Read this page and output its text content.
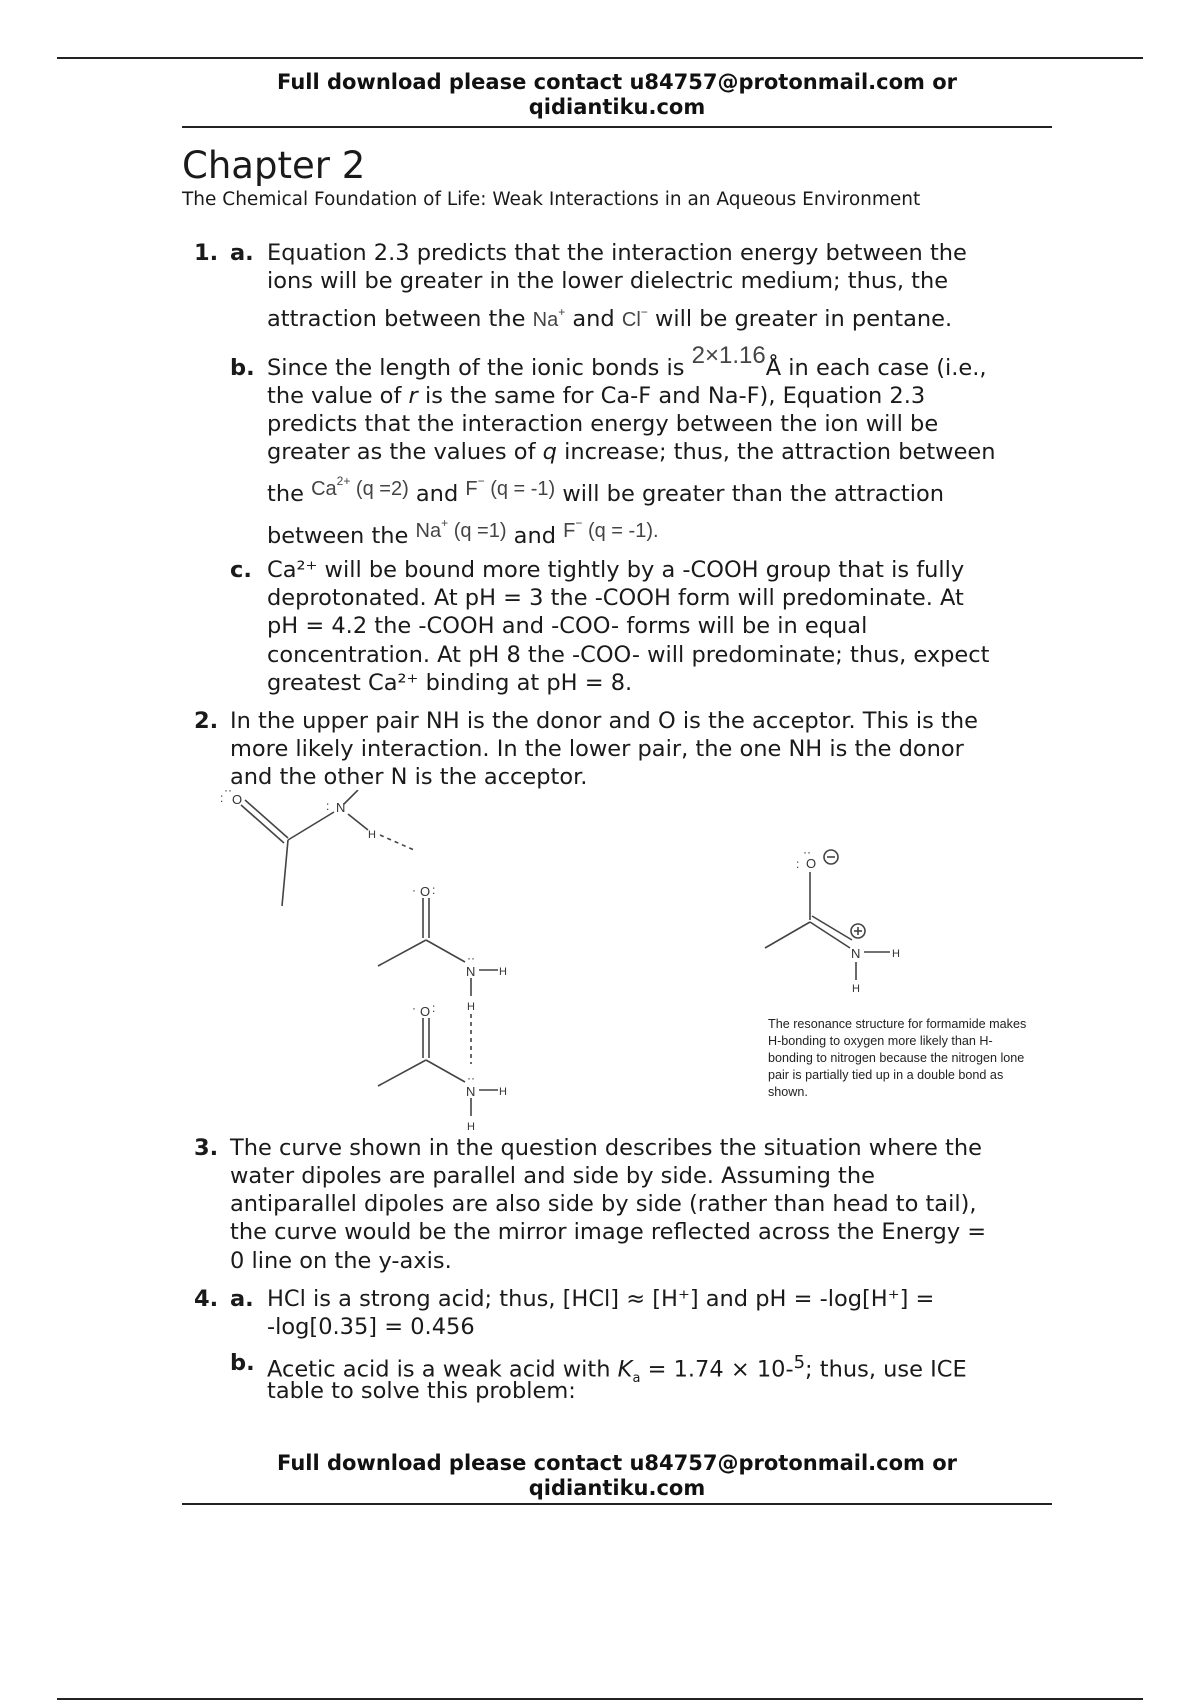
Full download please contact u84757@protonmail.com or
qidiantiku.com
Chapter 2
The Chemical Foundation of Life: Weak Interactions in an Aqueous Environment
1. a. Equation 2.3 predicts that the interaction energy between the
ions will be greater in the lower dielectric medium; thus, the
attraction between the Na+ and Cl− will be greater in pentane.
b. Since the length of the ionic bonds is 2×1.16Å in each case (i.e.,
the value of r is the same for Ca-F and Na-F), Equation 2.3
predicts that the interaction energy between the ion will be
greater as the values of q increase; thus, the attraction between
the $Ca^{2+}$ (q =2) and F− (q = -1) will be greater than the attraction
between the Na+ (q =1) and F− (q = -1).
c. Ca²⁺ will be bound more tightly by a -COOH group that is fully
deprotonated. At pH = 3 the -COOH form will predominate. At
pH = 4.2 the -COOH and -COO- forms will be in equal
concentration. At pH 8 the -COO- will predominate; thus, expect
greatest Ca²⁺ binding at pH = 8.
2. In the upper pair NH is the donor and O is the acceptor. This is the
more likely interaction. In the lower pair, the one NH is the donor
and the other N is the acceptor.
O
:
··
N
:
H
O
· :
N
··
H
H
O
· :
N
··
H
H
O
:
··
N	H
H
The resonance structure for formamide makes H-bonding to oxygen more likely than H-bonding to nitrogen because the nitrogen lone pair is partially tied up in a double bond as shown.
3. The curve shown in the question describes the situation where the
water dipoles are parallel and side by side. Assuming the
antiparallel dipoles are also side by side (rather than head to tail),
the curve would be the mirror image reflected across the Energy =
0 line on the y-axis.
4. a. HCl is a strong acid; thus, [HCl] ≈ [H⁺] and pH = -log[H⁺] =
-log[0.35] = 0.456
b. Acetic acid is a weak acid with $K_a = 1.74 \times 10-^5$; thus, use ICE
table to solve this problem:
Full download please contact u84757@protonmail.com or
qidiantiku.com
